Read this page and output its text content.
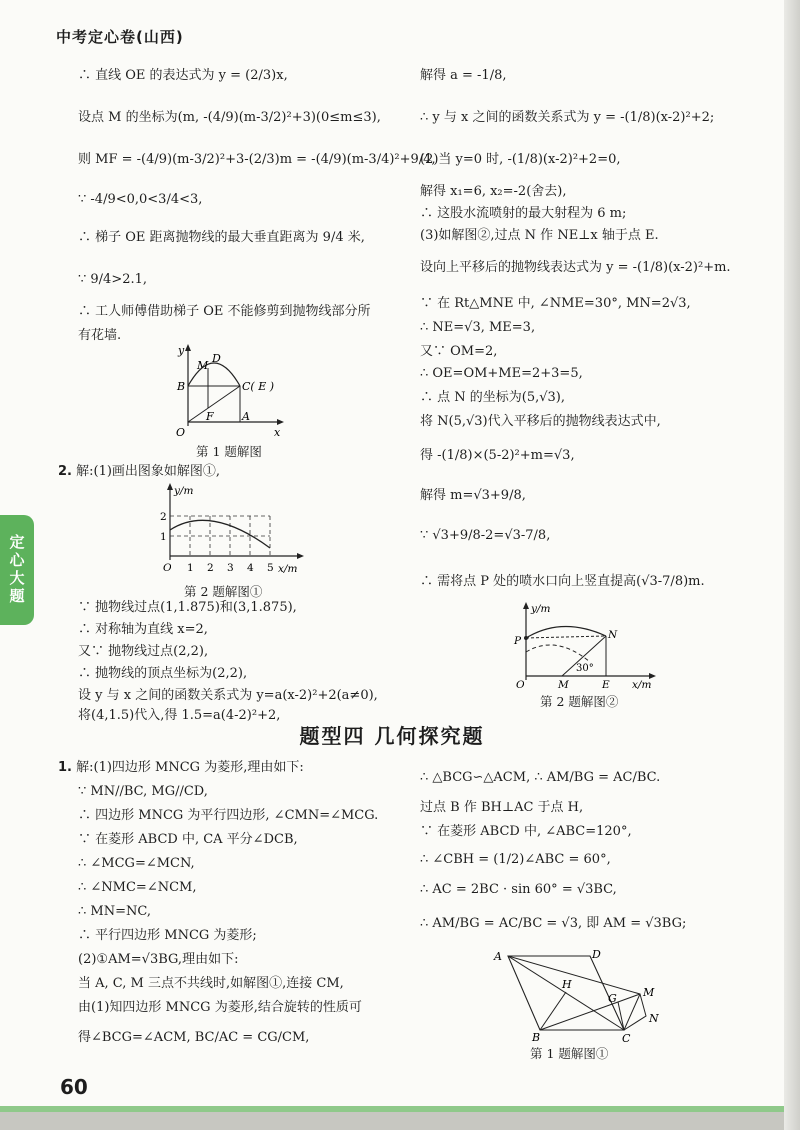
中考定心卷(山西)
定心大题
∴ 直线 OE 的表达式为 y = (2/3)x,
设点 M 的坐标为(m, -(4/9)(m-3/2)²+3)(0≤m≤3),
则 MF = -(4/9)(m-3/2)²+3-(2/3)m = -(4/9)(m-3/4)²+9/4,
∵ -4/9<0,0<3/4<3,
∴ 梯子 OE 距离抛物线的最大垂直距离为 9/4 米,
∵ 9/4>2.1,
∴ 工人师傅借助梯子 OE 不能修剪到抛物线部分所
有花墙.
y
x
O
M
D
B	C( E )
F	A
第 1 题解图
2. 解:(1)画出图象如解图①,
y/m
x/m
2
1
O 1 2 3 4 5
第 2 题解图①
∵ 抛物线过点(1,1.875)和(3,1.875),
∴ 对称轴为直线 x=2,
又∵ 抛物线过点(2,2),
∴ 抛物线的顶点坐标为(2,2),
设 y 与 x 之间的函数关系式为 y=a(x-2)²+2(a≠0),
将(4,1.5)代入,得 1.5=a(4-2)²+2,
解得 a = -1/8,
∴ y 与 x 之间的函数关系式为 y = -(1/8)(x-2)²+2;
(2)当 y=0 时, -(1/8)(x-2)²+2=0,
解得 x₁=6, x₂=-2(舍去),
∴ 这股水流喷射的最大射程为 6 m;
(3)如解图②,过点 N 作 NE⊥x 轴于点 E.
设向上平移后的抛物线表达式为 y = -(1/8)(x-2)²+m.
∵ 在 Rt△MNE 中, ∠NME=30°, MN=2√3,
∴ NE=√3, ME=3,
又∵ OM=2,
∴ OE=OM+ME=2+3=5,
∴ 点 N 的坐标为(5,√3),
将 N(5,√3)代入平移后的抛物线表达式中,
得 -(1/8)×(5-2)²+m=√3,
解得 m=√3+9/8,
∵ √3+9/8-2=√3-7/8,
∴ 需将点 P 处的喷水口向上竖直提高(√3-7/8)m.
y/m
x/m
P	N
O	M	E
30°
第 2 题解图②
题型四 几何探究题
1. 解:(1)四边形 MNCG 为菱形,理由如下:
∵ MN//BC, MG//CD,
∴ 四边形 MNCG 为平行四边形, ∠CMN=∠MCG.
∵ 在菱形 ABCD 中, CA 平分∠DCB,
∴ ∠MCG=∠MCN,
∴ ∠NMC=∠NCM,
∴ MN=NC,
∴ 平行四边形 MNCG 为菱形;
(2)①AM=√3BG,理由如下:
当 A, C, M 三点不共线时,如解图①,连接 CM,
由(1)知四边形 MNCG 为菱形,结合旋转的性质可
得∠BCG=∠ACM, BC/AC = CG/CM,
∴ △BCG∽△ACM, ∴ AM/BG = AC/BC.
过点 B 作 BH⊥AC 于点 H,
∵ 在菱形 ABCD 中, ∠ABC=120°,
∴ ∠CBH = (1/2)∠ABC = 60°,
∴ AC = 2BC · sin 60° = √3BC,
∴ AM/BG = AC/BC = √3, 即 AM = √3BG;
A	D
H
G M
N
B	C
第 1 题解图①
60
